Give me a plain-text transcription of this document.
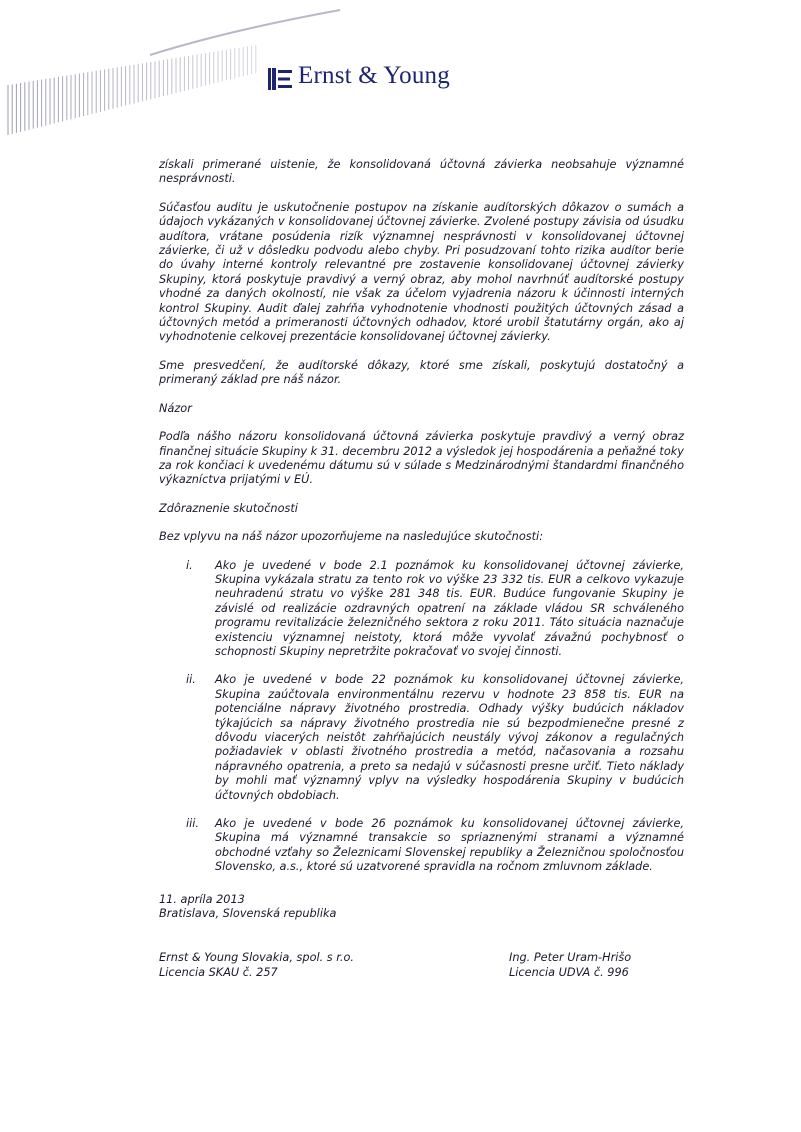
Ernst & Young

získali primerané uistenie, že konsolidovaná účtovná závierka neobsahuje významné nesprávnosti.

Súčasťou auditu je uskutočnenie postupov na získanie audítorských dôkazov o sumách a údajoch vykázaných v konsolidovanej účtovnej závierke. Zvolené postupy závisia od úsudku audítora, vrátane posúdenia rizík významnej nesprávnosti v konsolidovanej účtovnej závierke, či už v dôsledku podvodu alebo chyby. Pri posudzovaní tohto rizika audítor berie do úvahy interné kontroly relevantné pre zostavenie konsolidovanej účtovnej závierky Skupiny, ktorá poskytuje pravdivý a verný obraz, aby mohol navrhnúť audítorské postupy vhodné za daných okolností, nie však za účelom vyjadrenia názoru k účinnosti interných kontrol Skupiny. Audit ďalej zahŕňa vyhodnotenie vhodnosti použitých účtovných zásad a účtovných metód a primeranosti účtovných odhadov, ktoré urobil štatutárny orgán, ako aj vyhodnotenie celkovej prezentácie konsolidovanej účtovnej závierky.

Sme presvedčení, že audítorské dôkazy, ktoré sme získali, poskytujú dostatočný a primeraný základ pre náš názor.

Názor

Podľa nášho názoru konsolidovaná účtovná závierka poskytuje pravdivý a verný obraz finančnej situácie Skupiny k 31. decembru 2012 a výsledok jej hospodárenia a peňažné toky za rok končiaci k uvedenému dátumu sú v súlade s Medzinárodnými štandardmi finančného výkazníctva prijatými v EÚ.

Zdôraznenie skutočnosti

Bez vplyvu na náš názor upozorňujeme na nasledujúce skutočnosti:

i. Ako je uvedené v bode 2.1 poznámok ku konsolidovanej účtovnej závierke, Skupina vykázala stratu za tento rok vo výške 23 332 tis. EUR a celkovo vykazuje neuhradenú stratu vo výške 281 348 tis. EUR. Budúce fungovanie Skupiny je závislé od realizácie ozdravných opatrení na základe vládou SR schváleného programu revitalizácie železničného sektora z roku 2011. Táto situácia naznačuje existenciu významnej neistoty, ktorá môže vyvolať závažnú pochybnosť o schopnosti Skupiny nepretržite pokračovať vo svojej činnosti.
ii. Ako je uvedené v bode 22 poznámok ku konsolidovanej účtovnej závierke, Skupina zaúčtovala environmentálnu rezervu v hodnote 23 858 tis. EUR na potenciálne nápravy životného prostredia. Odhady výšky budúcich nákladov týkajúcich sa nápravy životného prostredia nie sú bezpodmienečne presné z dôvodu viacerých neistôt zahŕňajúcich neustály vývoj zákonov a regulačných požiadaviek v oblasti životného prostredia a metód, načasovania a rozsahu nápravného opatrenia, a preto sa nedajú v súčasnosti presne určiť. Tieto náklady by mohli mať významný vplyv na výsledky hospodárenia Skupiny v budúcich účtovných obdobiach.
iii. Ako je uvedené v bode 26 poznámok ku konsolidovanej účtovnej závierke, Skupina má významné transakcie so spriaznenými stranami a významné obchodné vzťahy so Železnicami Slovenskej republiky a Železničnou spoločnosťou Slovensko, a.s., ktoré sú uzatvorené spravidla na ročnom zmluvnom základe.
11. apríla 2013
Bratislava, Slovenská republika
Ernst & Young Slovakia, spol. s r.o.
Licencia SKAU č. 257
Ing. Peter Uram-Hrišo
Licencia UDVA č. 996
